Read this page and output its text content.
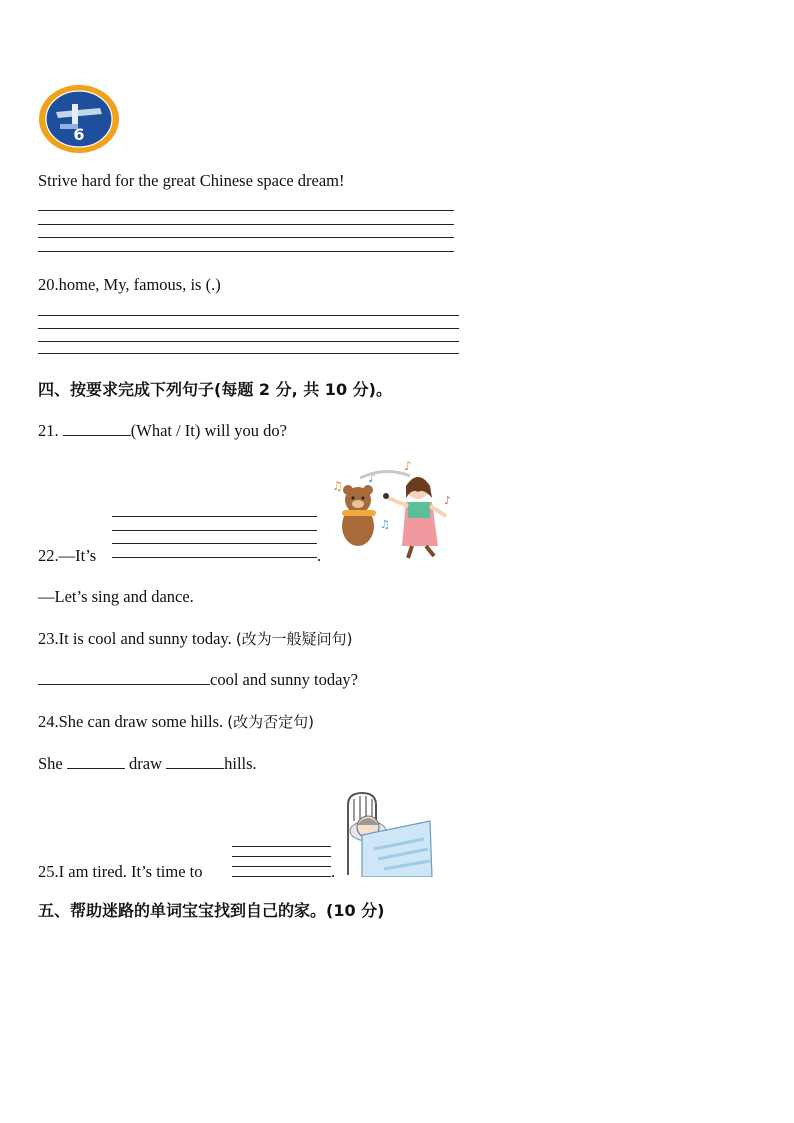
6
Strive hard for the great Chinese space dream!
20.home, My, famous, is (.)
四、按要求完成下列句子(每题 2 分, 共 10 分)。
21.	(What / It) will you do?
♫
♪
♪
♪
♫
22.—It’s	.
—Let’s sing and dance.
23.It is cool and sunny today. (改为一般疑问句)
cool and sunny today?
24.She can draw some hills. (改为否定句)
She	draw	hills.
25.I am tired. It’s time to	.
五、帮助迷路的单词宝宝找到自己的家。(10 分)
